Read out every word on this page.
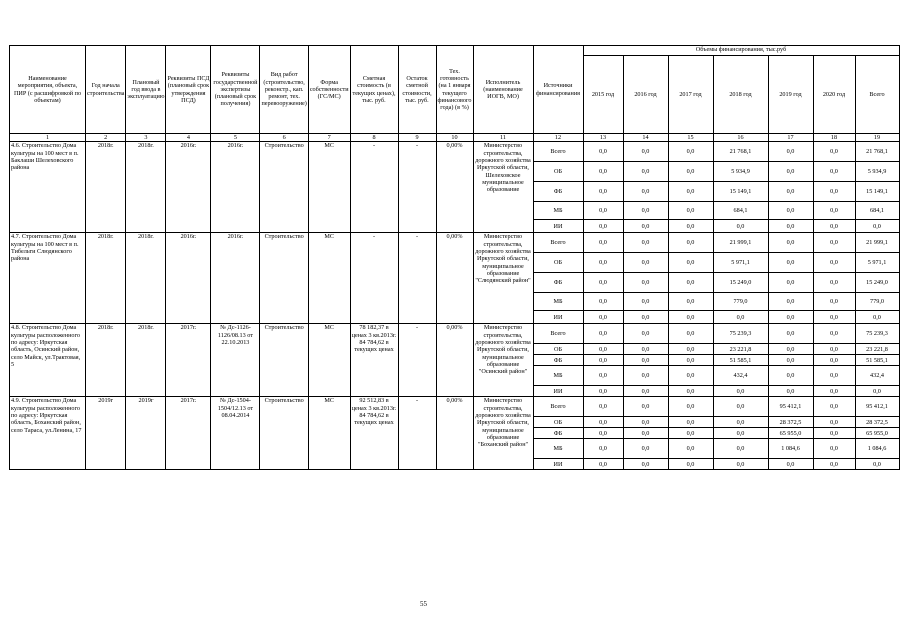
Наименование мероприятия, объекта, ПИР (с расшифровкой по объектам)	Год начала строительства	Плановый год ввода в эксплуатацию	Реквизиты ПСД (плановый срок утверждения ПСД)	Реквизиты государственной экспертизы (плановый срок получения)	Вид работ (строительство, реконстр., кап. ремонт, тех. перевооружение)	Форма собственности (ГС/МС)	Сметная стоимость (в текущих ценах), тыс. руб.	Остаток сметной стоимости, тыс. руб.	Тех. готовность (на 1 января текущего финансового года) (в %)	Исполнитель (наименование ИОГВ, МО)	Источники финансирования	Объемы финансирования, тыс.руб						
												2015 год	2016 год	2017 год	2018 год	2019 год	2020 год	Всего
1	2	3	4	5	6	7	8	9	10	11	12	13	14	15	16	17	18	19
4.6. Строительство Дома культуры на 100 мест в п. Баклаши Шелеховского района	2018г.	2018г.	2016г.	2016г.	Строительство	МС	-	-	0,00%	Министерство строительства, дорожного хозяйства Иркутской области, Шелеховское муниципальное образование	Всего	0,0	0,0	0,0	21 768,1	0,0	0,0	21 768,1
											ОБ	0,0	0,0	0,0	5 934,9	0,0	0,0	5 934,9
											ФБ	0,0	0,0	0,0	15 149,1	0,0	0,0	15 149,1
											МБ	0,0	0,0	0,0	684,1	0,0	0,0	684,1
											ИИ	0,0	0,0	0,0	0,0	0,0	0,0	0,0
4.7. Строительство Дома культуры на 100 мест в п. Тибельти Слюдянского района	2018г.	2018г.	2016г.	2016г.	Строительство	МС	-	-	0,00%	Министерство строительства, дорожного хозяйства Иркутской области, муниципальное образование "Слюдянский район"	Всего	0,0	0,0	0,0	21 999,1	0,0	0,0	21 999,1
											ОБ	0,0	0,0	0,0	5 971,1	0,0	0,0	5 971,1
											ФБ	0,0	0,0	0,0	15 249,0	0,0	0,0	15 249,0
											МБ	0,0	0,0	0,0	779,0	0,0	0,0	779,0
											ИИ	0,0	0,0	0,0	0,0	0,0	0,0	0,0
4.8. Строительство Дома культуры расположенного по адресу: Иркутская область, Осинский район, село Майск, ул.Трактовая, 5	2018г.	2018г.	2017г.	№ Дс-1126-1126/08.13 от 22.10.2013	Строительство	МС	78 182,37 в ценах 3 кв.2013г. 84 784,62 в текущих ценах	-	0,00%	Министерство строительства, дорожного хозяйства Иркутской области, муниципальное образование "Осинский район"	Всего	0,0	0,0	0,0	75 239,3	0,0	0,0	75 239,3
											ОБ	0,0	0,0	0,0	23 221,8	0,0	0,0	23 221,8
											ФБ	0,0	0,0	0,0	51 585,1	0,0	0,0	51 585,1
											МБ	0,0	0,0	0,0	432,4	0,0	0,0	432,4
											ИИ	0,0	0,0	0,0	0,0	0,0	0,0	0,0
4.9. Строительство Дома культуры расположенного по адресу: Иркутская область, Боханский район, село Тараса, ул.Ленина, 17	2019г	2019г	2017г.	№ Дс-1504-1504/12.13 от 08.04.2014	Строительство	МС	92 512,83 в ценах 3 кв.2013г. 84 784,62 в текущих ценах	-	0,00%	Министерство строительства, дорожного хозяйства Иркутской области, муниципальное образование "Боханский район"	Всего	0,0	0,0	0,0	0,0	95 412,1	0,0	95 412,1
											ОБ	0,0	0,0	0,0	0,0	28 372,5	0,0	28 372,5
											ФБ	0,0	0,0	0,0	0,0	65 955,0	0,0	65 955,0
											МБ	0,0	0,0	0,0	0,0	1 084,6	0,0	1 084,6
											ИИ	0,0	0,0	0,0	0,0	0,0	0,0	0,0
55
